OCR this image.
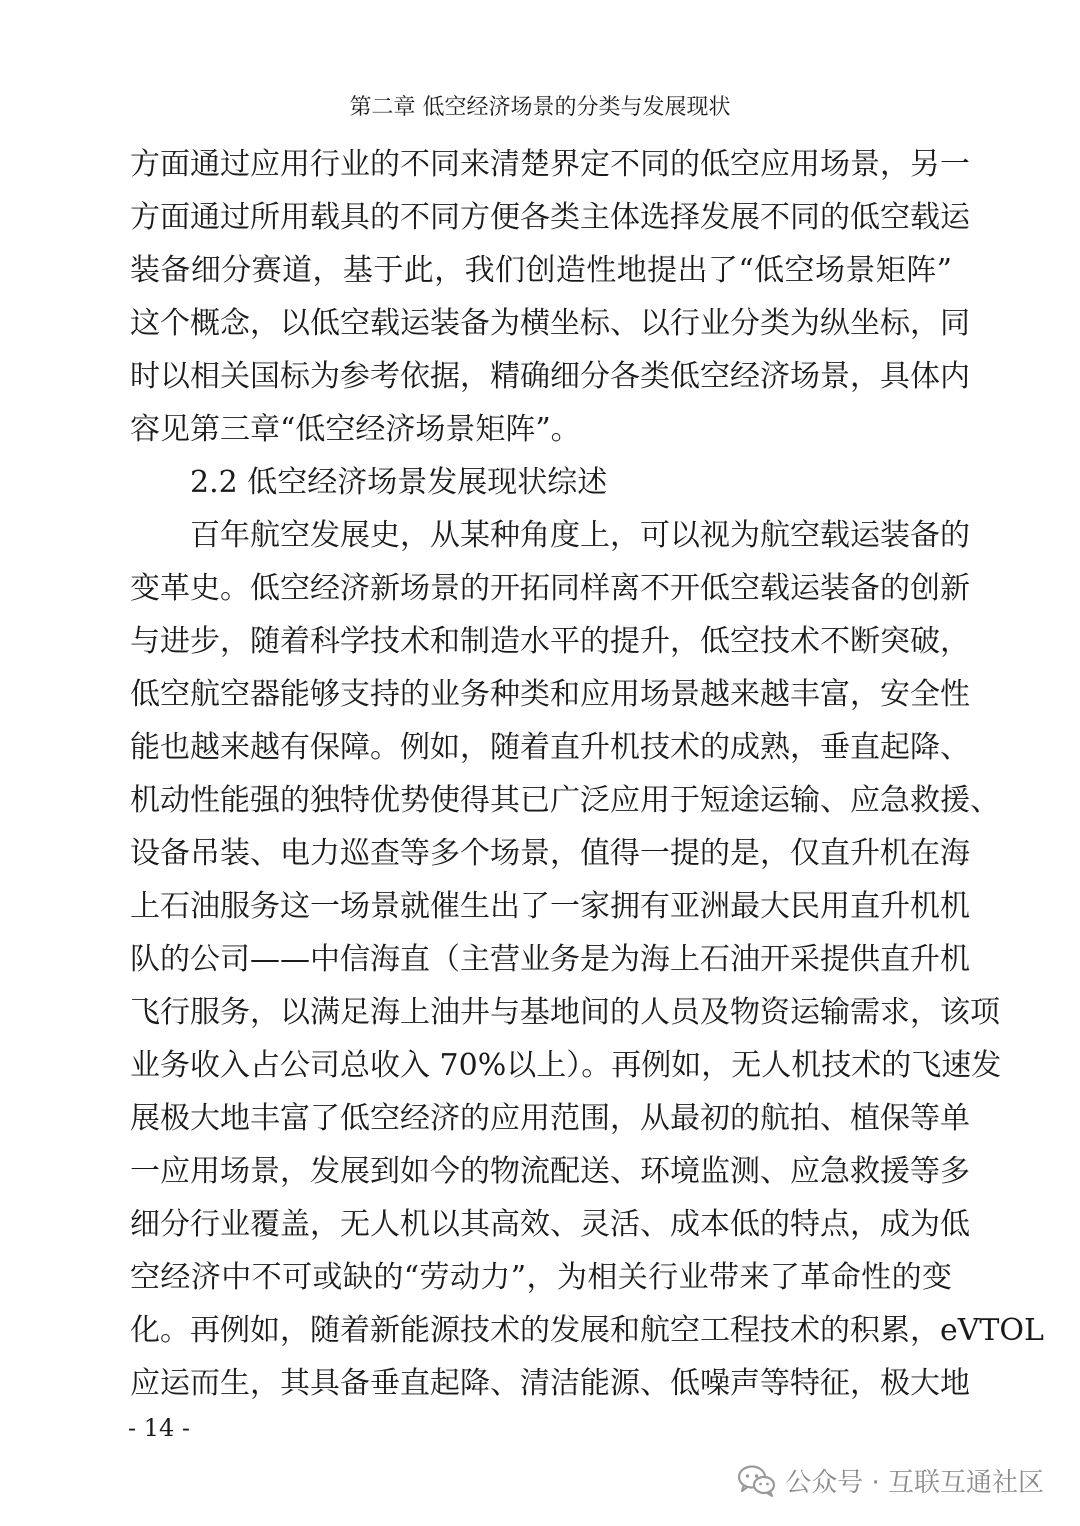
第二章 低空经济场景的分类与发展现状
方面通过应用行业的不同来清楚界定不同的低空应用场景，另一
方面通过所用载具的不同方便各类主体选择发展不同的低空载运
装备细分赛道，基于此，我们创造性地提出了“低空场景矩阵”
这个概念，以低空载运装备为横坐标、以行业分类为纵坐标，同
时以相关国标为参考依据，精确细分各类低空经济场景，具体内
容见第三章“低空经济场景矩阵”。
2.2 低空经济场景发展现状综述
百年航空发展史，从某种角度上，可以视为航空载运装备的
变革史。低空经济新场景的开拓同样离不开低空载运装备的创新
与进步，随着科学技术和制造水平的提升，低空技术不断突破，
低空航空器能够支持的业务种类和应用场景越来越丰富，安全性
能也越来越有保障。例如，随着直升机技术的成熟，垂直起降、
机动性能强的独特优势使得其已广泛应用于短途运输、应急救援、
设备吊装、电力巡查等多个场景，值得一提的是，仅直升机在海
上石油服务这一场景就催生出了一家拥有亚洲最大民用直升机机
队的公司——中信海直（主营业务是为海上石油开采提供直升机
飞行服务，以满足海上油井与基地间的人员及物资运输需求，该项
业务收入占公司总收入 70%以上）。再例如，无人机技术的飞速发
展极大地丰富了低空经济的应用范围，从最初的航拍、植保等单
一应用场景，发展到如今的物流配送、环境监测、应急救援等多
细分行业覆盖，无人机以其高效、灵活、成本低的特点，成为低
空经济中不可或缺的“劳动力”，为相关行业带来了革命性的变
化。再例如，随着新能源技术的发展和航空工程技术的积累，eVTOL
应运而生，其具备垂直起降、清洁能源、低噪声等特征，极大地
- 14 -
公众号 · 互联互通社区
